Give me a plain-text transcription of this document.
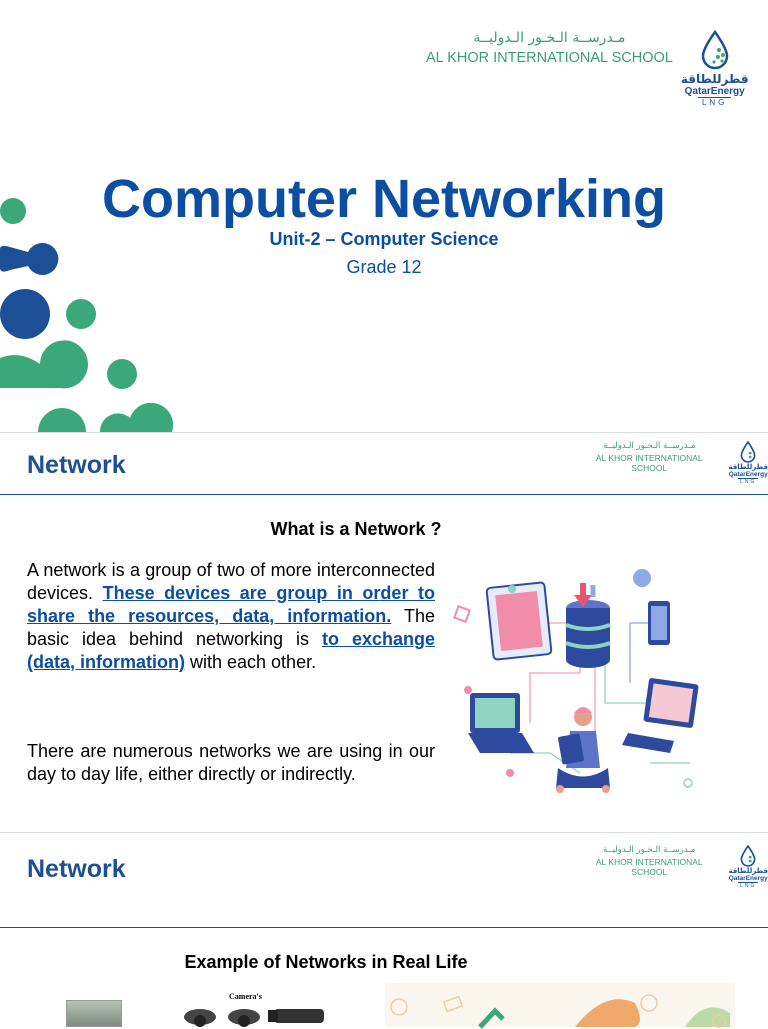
مـدرســة الـخـور الـدوليــة
AL KHOR INTERNATIONAL SCHOOL
قطرللطاقة
QatarEnergy
LNG
Computer Networking
Unit-2 – Computer Science
Grade 12
Network
مـدرســة الـخـور الـدوليــة
AL KHOR INTERNATIONAL SCHOOL	قطرللطاقة
QatarEnergy
LNG
What is a Network ?
A network is a group of two of more interconnected devices. These devices are group in order to share the resources, data, information. The basic idea behind networking is to exchange (data, information) with each other.
There are numerous networks we are using in our day to day life, either directly or indirectly.
Network
مـدرســة الـخـور الـدوليــة
AL KHOR INTERNATIONAL SCHOOL	قطرللطاقة
QatarEnergy
LNG
Example of Networks in Real Life
Camera's
